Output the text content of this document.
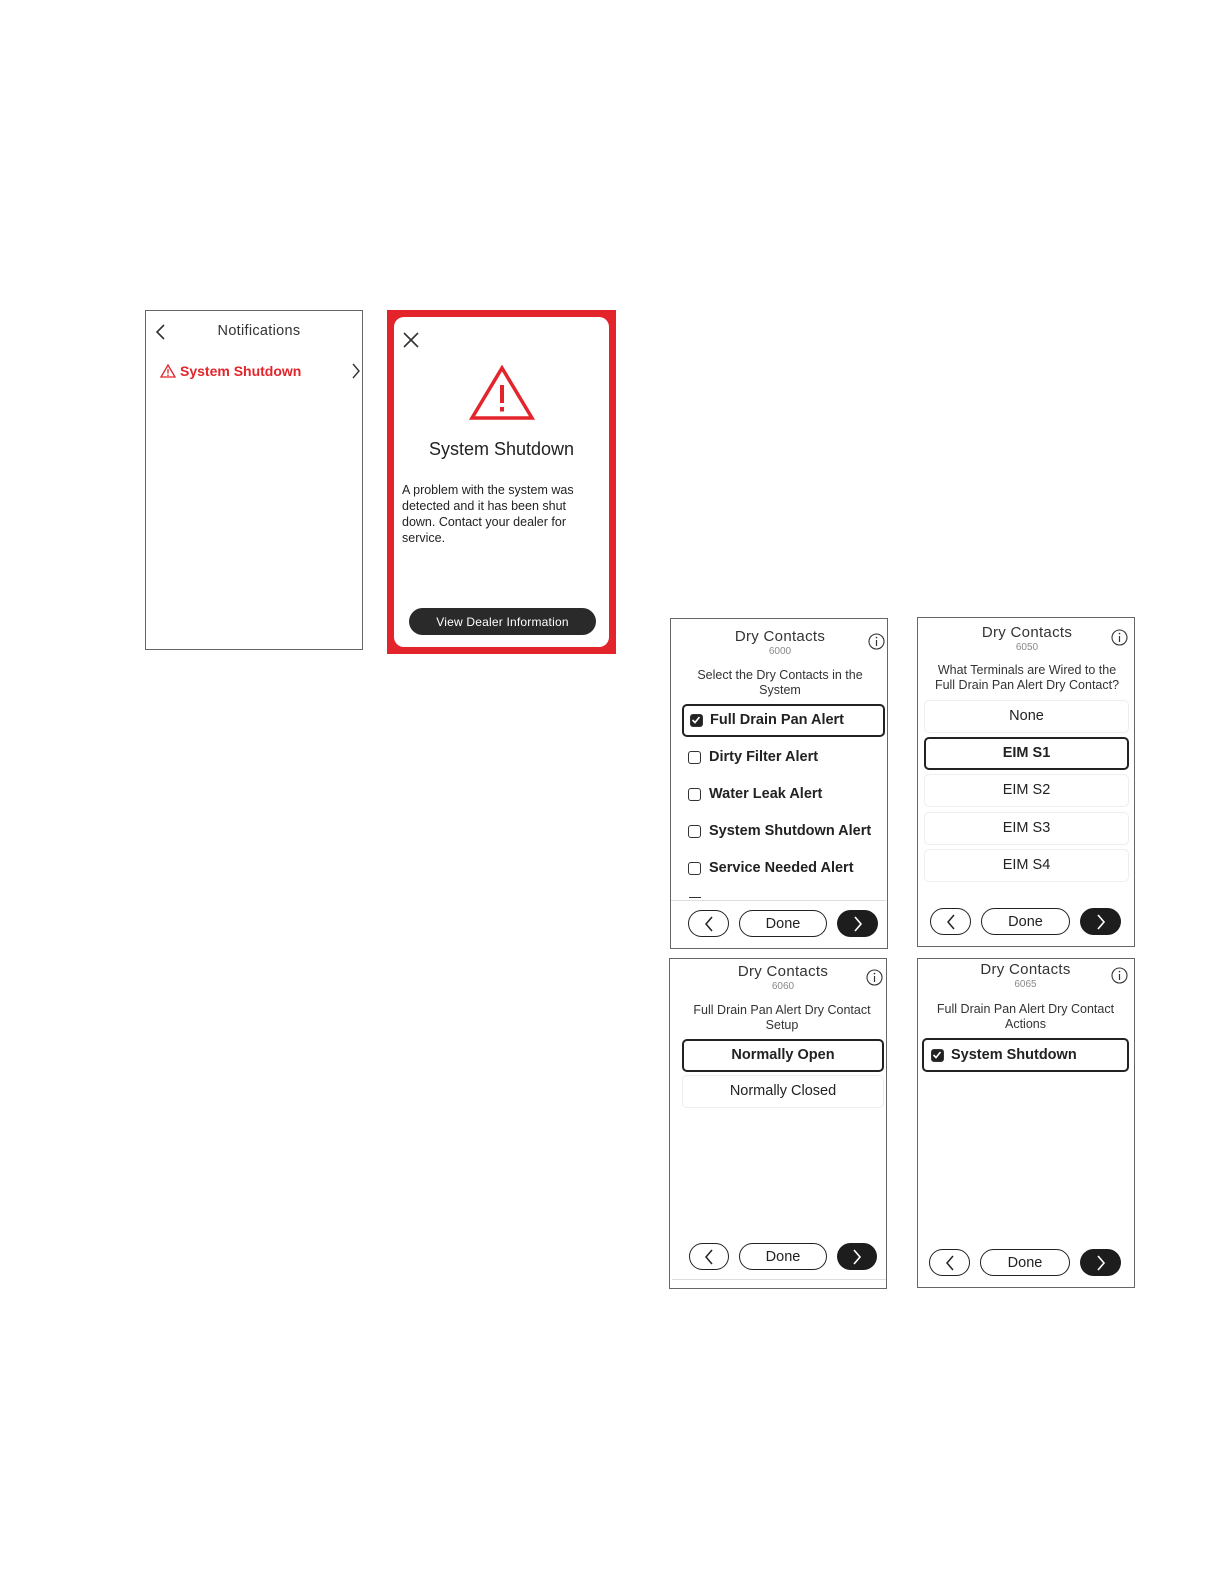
Notifications
System Shutdown
System Shutdown
A problem with the system was
detected and it has been shut
down. Contact your dealer for
service.
View Dealer Information
Dry Contacts
6000
Select the Dry Contacts in the
System
Full Drain Pan Alert
Dirty Filter Alert
Water Leak Alert
System Shutdown Alert
Service Needed Alert
Done
Dry Contacts
6050
What Terminals are Wired to the
Full Drain Pan Alert Dry Contact?
None
EIM S1
EIM S2
EIM S3
EIM S4
Done
Dry Contacts
6060
Full Drain Pan Alert Dry Contact
Setup
Normally Open
Normally Closed
Done
Dry Contacts
6065
Full Drain Pan Alert Dry Contact
Actions
System Shutdown
Done
